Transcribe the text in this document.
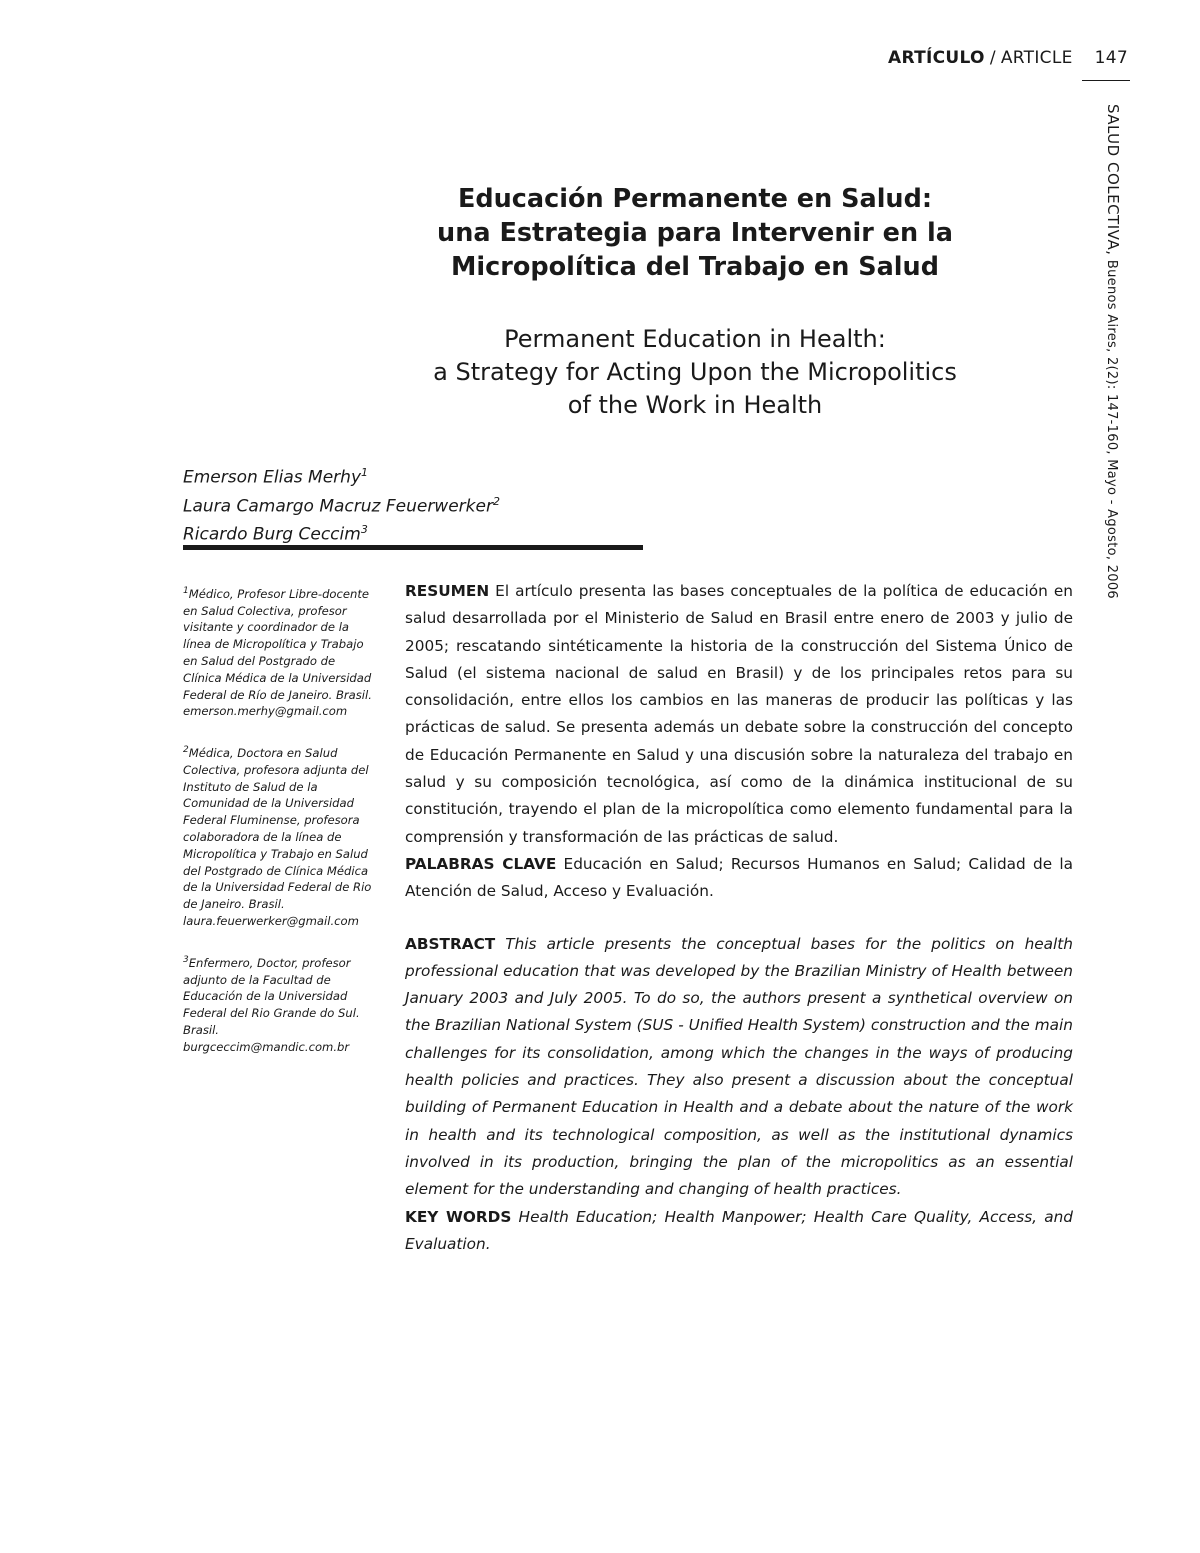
ARTÍCULO / ARTICLE 147
SALUD COLECTIVA, Buenos Aires, 2(2): 147-160, Mayo - Agosto, 2006
Educación Permanente en Salud:
una Estrategia para Intervenir en la
Micropolítica del Trabajo en Salud
Permanent Education in Health:
a Strategy for Acting Upon the Micropolitics
of the Work in Health
Emerson Elias Merhy$^1$
Laura Camargo Macruz Feuerwerker$^2$
Ricardo Burg Ceccim$^3$
$^1$Médico, Profesor Libre-docente en Salud Colectiva, profesor visitante y coordinador de la línea de Micropolítica y Trabajo en Salud del Postgrado de Clínica Médica de la Universidad Federal de Río de Janeiro. Brasil.
emerson.merhy@gmail.com
$^2$Médica, Doctora en Salud Colectiva, profesora adjunta del Instituto de Salud de la Comunidad de la Universidad Federal Fluminense, profesora colaboradora de la línea de Micropolítica y Trabajo en Salud del Postgrado de Clínica Médica de la Universidad Federal de Rio de Janeiro. Brasil.
laura.feuerwerker@gmail.com
$^3$Enfermero, Doctor, profesor adjunto de la Facultad de Educación de la Universidad Federal del Rio Grande do Sul. Brasil.
burgceccim@mandic.com.br

RESUMEN El artículo presenta las bases conceptuales de la política de educación en salud desarrollada por el Ministerio de Salud en Brasil entre enero de 2003 y julio de 2005; rescatando sintéticamente la historia de la construcción del Sistema Único de Salud (el sistema nacional de salud en Brasil) y de los principales retos para su consolidación, entre ellos los cambios en las maneras de producir las políticas y las prácticas de salud. Se presenta además un debate sobre la construcción del concepto de Educación Permanente en Salud y una discusión sobre la naturaleza del trabajo en salud y su composición tecnológica, así como de la dinámica institucional de su constitución, trayendo el plan de la micropolítica como elemento fundamental para la comprensión y transformación de las prácticas de salud.

PALABRAS CLAVE Educación en Salud; Recursos Humanos en Salud; Calidad de la Atención de Salud, Acceso y Evaluación.

ABSTRACT This article presents the conceptual bases for the politics on health professional education that was developed by the Brazilian Ministry of Health between January 2003 and July 2005. To do so, the authors present a synthetical overview on the Brazilian National System (SUS - Unified Health System) construction and the main challenges for its consolidation, among which the changes in the ways of producing health policies and practices. They also present a discussion about the conceptual building of Permanent Education in Health and a debate about the nature of the work in health and its technological composition, as well as the institutional dynamics involved in its production, bringing the plan of the micropolitics as an essential element for the understanding and changing of health practices.

KEY WORDS Health Education; Health Manpower; Health Care Quality, Access, and Evaluation.
